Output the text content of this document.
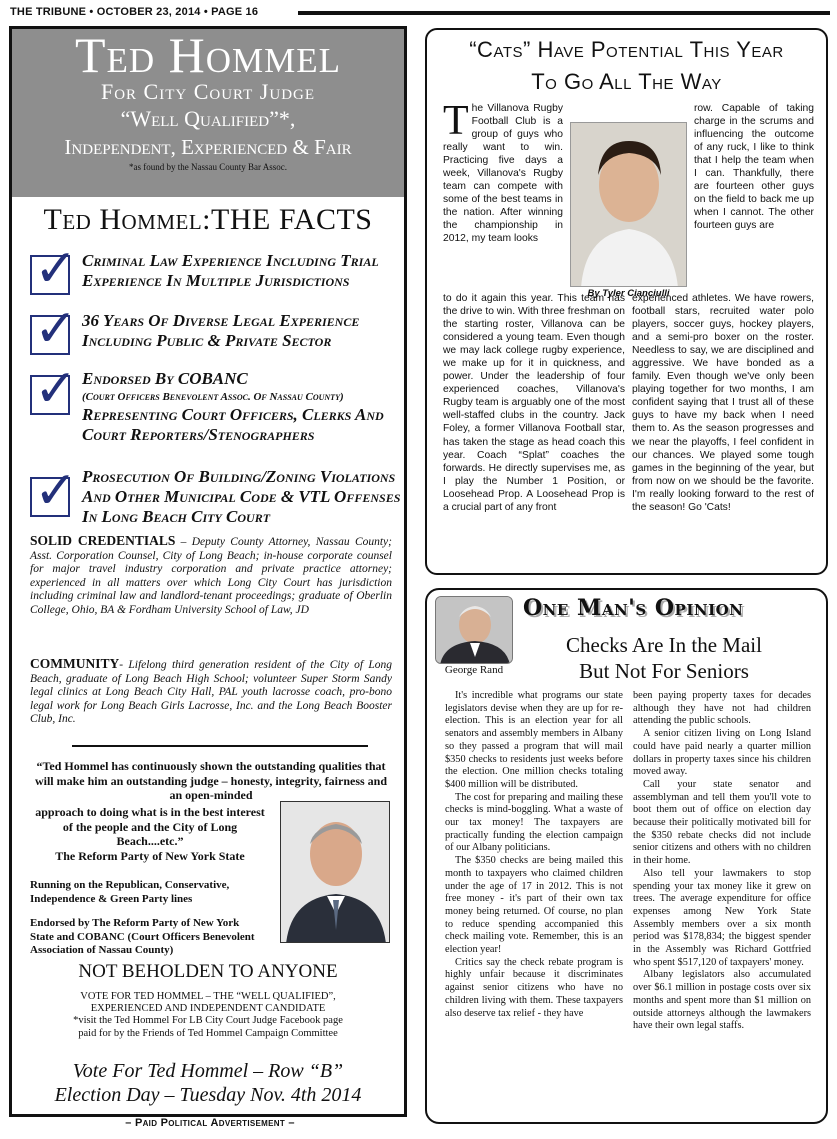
THE TRIBUNE • OCTOBER 23, 2014 • PAGE 16
Ted Hommel
For City Court Judge
“Well Qualified”*,
Independent, Experienced & Fair
*as found by the Nassau County Bar Assoc.
Ted Hommel:THE FACTS
✓ Criminal Law Experience Including Trial Experience In Multiple Jurisdictions
✓ 36 Years Of Diverse Legal Experience Including Public & Private Sector
✓ Endorsed By COBANC
(Court Officers Benevolent Assoc. Of Nassau County)
Representing Court Officers, Clerks And Court Reporters/Stenographers
✓ Prosecution Of Building/Zoning Violations And Other Municipal Code & VTL Offenses In Long Beach City Court
SOLID CREDENTIALS – Deputy County Attorney, Nassau County; Asst. Corporation Counsel, City of Long Beach; in-house corporate counsel for major travel industry corporation and private practice attorney; experienced in all matters over which Long City Court has jurisdiction including criminal law and landlord-tenant proceedings; graduate of Oberlin College, Ohio, BA & Fordham University School of Law, JD
COMMUNITY- Lifelong third generation resident of the City of Long Beach, graduate of Long Beach High School; volunteer Super Storm Sandy legal clinics at Long Beach City Hall, PAL youth lacrosse coach, pro-bono legal work for Long Beach Girls Lacrosse, Inc. and the Long Beach Booster Club, Inc.

“Ted Hommel has continuously shown the outstanding qualities that will make him an outstanding judge – honesty, integrity, fairness and an open-minded

approach to doing what is in the best interest of the people and the City of Long Beach....etc.”
The Reform Party of New York State
Running on the Republican, Conservative, Independence & Green Party lines
Endorsed by The Reform Party of New York State and COBANC (Court Officers Benevolent Association of Nassau County)
NOT BEHOLDEN TO ANYONE
VOTE FOR TED HOMMEL – THE “WELL QUALIFIED”,
EXPERIENCED AND INDEPENDENT CANDIDATE
*visit the Ted Hommel For LB City Court Judge Facebook page
paid for by the Friends of Ted Hommel Campaign Committee
Vote For Ted Hommel – Row “B”
Election Day – Tuesday Nov. 4th 2014
– Paid Political Advertisement –
“Cats” Have Potential This Year
To Go All The Way
The Villanova Rugby Football Club is a group of guys who really want to win. Practicing five days a week, Villanova's Rugby team can compete with some of the best teams in the nation. After winning the championship in 2012, my team looks
to do it again this year. This team has the drive to win. With three freshman on the starting roster, Villanova can be considered a young team. Even though we may lack college rugby experience, we make up for it in quickness, and power. Under the leadership of four experienced coaches, Villanova's Rugby team is arguably one of the most well-staffed clubs in the country. Jack Foley, a former Villanova Football star, has taken the stage as head coach this year. Coach “Splat” coaches the forwards. He directly supervises me, as I play the Number 1 Position, or Loosehead Prop. A Loosehead Prop is a crucial part of any front
By Tyler Cianciulli
row. Capable of taking charge in the scrums and influencing the outcome of any ruck, I like to think that I help the team when I can. Thankfully, there are fourteen other guys on the field to back me up when I cannot. The other fourteen guys are
experienced athletes. We have rowers, football stars, recruited water polo players, soccer guys, hockey players, and a semi-pro boxer on the roster. Needless to say, we are disciplined and aggressive. We have bonded as a family. Even though we've only been playing together for two months, I am confident saying that I trust all of these guys to have my back when I need them to. As the season progresses and we near the playoffs, I feel confident in our chances. We played some tough games in the beginning of the year, but from now on we should be the favorite. I'm really looking forward to the rest of the season! Go 'Cats!
George Rand
One Man's Opinion
Checks Are In the Mail
But Not For Seniors

It's incredible what programs our state legislators devise when they are up for re-election. This is an election year for all senators and assembly members in Albany so they passed a program that will mail $350 checks to residents just weeks before the election. One million checks totaling $400 million will be distributed.

The cost for preparing and mailing these checks is mind-boggling. What a waste of our tax money! The taxpayers are practically funding the election campaign of our Albany politicians.

The $350 checks are being mailed this month to taxpayers who claimed children under the age of 17 in 2012. This is not free money - it's part of their own tax money being returned. Of course, no plan to reduce spending accompanied this check mailing vote. Remember, this is an election year!

Critics say the check rebate program is highly unfair because it discriminates against senior citizens who have no children living with them. These taxpayers also deserve tax relief - they have

been paying property taxes for decades although they have not had children attending the public schools.

A senior citizen living on Long Island could have paid nearly a quarter million dollars in property taxes since his children moved away.

Call your state senator and assemblyman and tell them you'll vote to boot them out of office on election day because their politically motivated bill for the $350 rebate checks did not include senior citizens and others with no children in their home.

Also tell your lawmakers to stop spending your tax money like it grew on trees. The average expenditure for office expenses among New York State Assembly members over a six month period was $178,834; the biggest spender in the Assembly was Richard Gottfried who spent $517,120 of taxpayers' money.

Albany legislators also accumulated over $6.1 million in postage costs over six months and spent more than $1 million on outside attorneys although the lawmakers have their own legal staffs.
